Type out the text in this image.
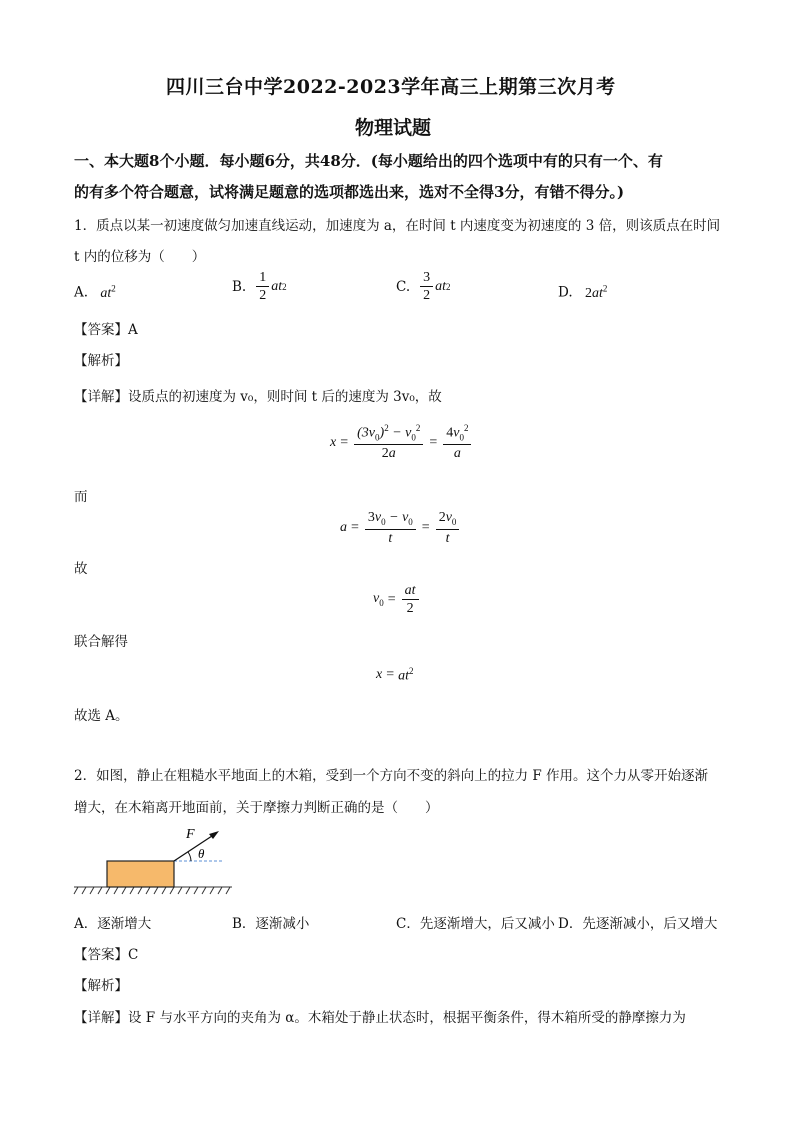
四川三台中学2022-2023学年高三上期第三次月考
物理试题
一、本大题8个小题．每小题6分，共48分．(每小题给出的四个选项中有的只有一个、有
的有多个符合题意，试将满足题意的选项都选出来，选对不全得3分，有错不得分。)
1．质点以某一初速度做匀加速直线运动，加速度为 a，在时间 t 内速度变为初速度的 3 倍，则该质点在时间
t 内的位移为（　　）
A. $at^2$	B. $\frac{1}{2}$ at 2	C. $\frac{3}{2}$ at 2	D. $2at^2$
【答案】A
【解析】
【详解】设质点的初速度为 v₀，则时间 t 后的速度为 3v₀，故
$x = \frac{(3v_0)^2 - v_0^2}{2a} = \frac{4v_0^2}{a}$
而
$a = \frac{3v_0 - v_0}{t} = \frac{2v_0}{t}$
故
$v_0 = \frac{at}{2}$
联合解得
$x = at^2$
故选 A。
2．如图，静止在粗糙水平地面上的木箱，受到一个方向不变的斜向上的拉力 F 作用。这个力从零开始逐渐
增大，在木箱离开地面前，关于摩擦力判断正确的是（　　）
F
θ
A．逐渐增大	B．逐渐减小	C．先逐渐增大，后又减小 D．先逐渐减小，后又增大
【答案】C
【解析】
【详解】设 F 与水平方向的夹角为 α。木箱处于静止状态时，根据平衡条件，得木箱所受的静摩擦力为
